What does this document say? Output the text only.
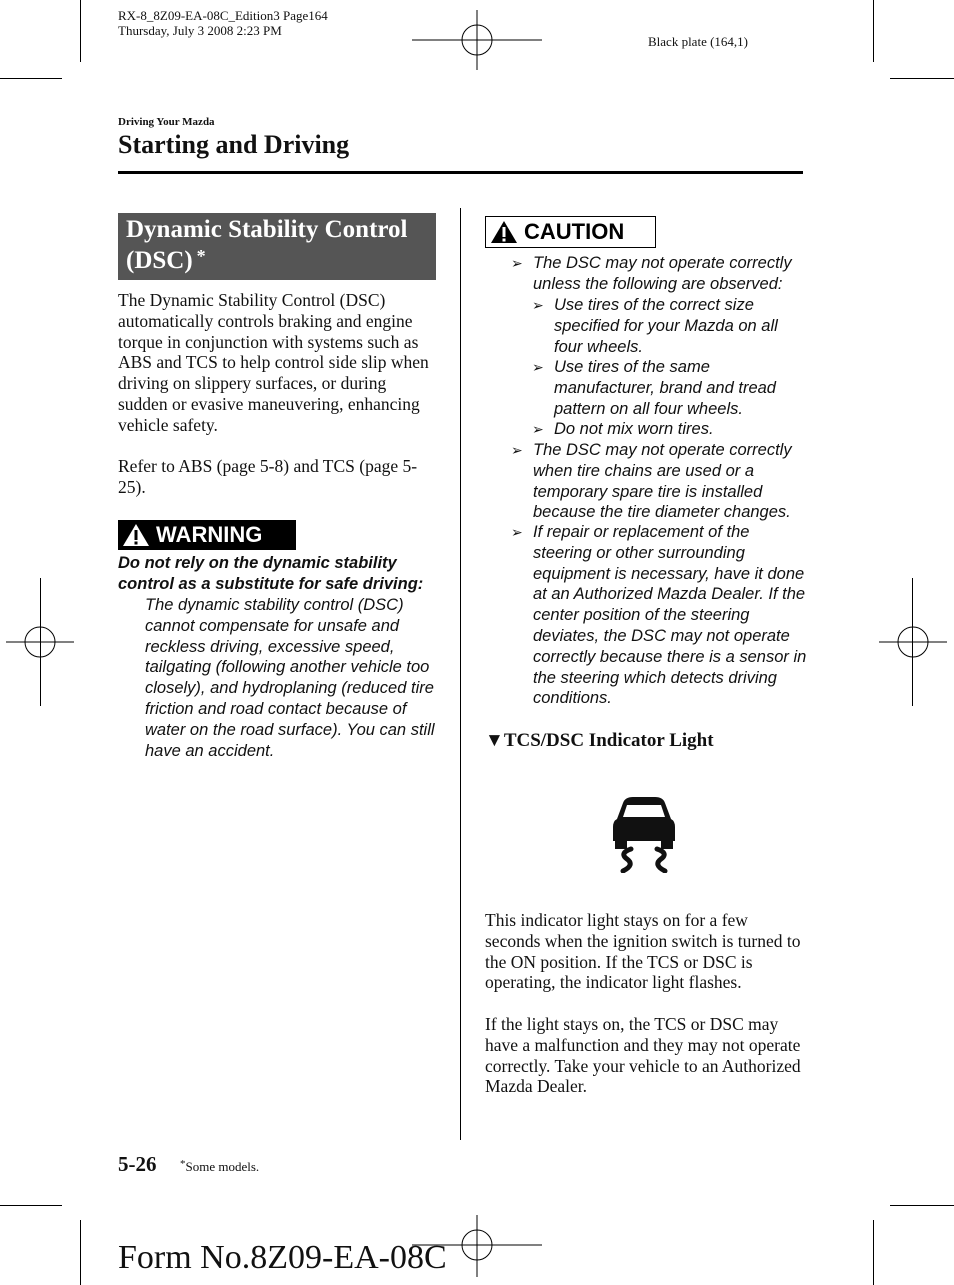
RX-8_8Z09-EA-08C_Edition3 Page164
Thursday, July 3 2008 2:23 PM
Black plate (164,1)
Driving Your Mazda
Starting and Driving
Dynamic Stability Control
(DSC) *
The Dynamic Stability Control (DSC) automatically controls braking and engine torque in conjunction with systems such as ABS and TCS to help control side slip when driving on slippery surfaces, or during sudden or evasive maneuvering, enhancing vehicle safety.
Refer to ABS (page 5-8) and TCS (page 5-25).
WARNING
Do not rely on the dynamic stability control as a substitute for safe driving:
The dynamic stability control (DSC) cannot compensate for unsafe and reckless driving, excessive speed, tailgating (following another vehicle too closely), and hydroplaning (reduced tire friction and road contact because of water on the road surface). You can still have an accident.
CAUTION
➢ The DSC may not operate correctly unless the following are observed:
➢ Use tires of the correct size specified for your Mazda on all four wheels.
➢ Use tires of the same manufacturer, brand and tread pattern on all four wheels.
➢ Do not mix worn tires.
➢ The DSC may not operate correctly when tire chains are used or a temporary spare tire is installed because the tire diameter changes.
➢ If repair or replacement of the steering or other surrounding equipment is necessary, have it done at an Authorized Mazda Dealer. If the center position of the steering deviates, the DSC may not operate correctly because there is a sensor in the steering which detects driving conditions.
▼TCS/DSC Indicator Light
This indicator light stays on for a few seconds when the ignition switch is turned to the ON position. If the TCS or DSC is operating, the indicator light flashes.
If the light stays on, the TCS or DSC may have a malfunction and they may not operate correctly. Take your vehicle to an Authorized Mazda Dealer.
5-26 *Some models.
Form No.8Z09-EA-08C
